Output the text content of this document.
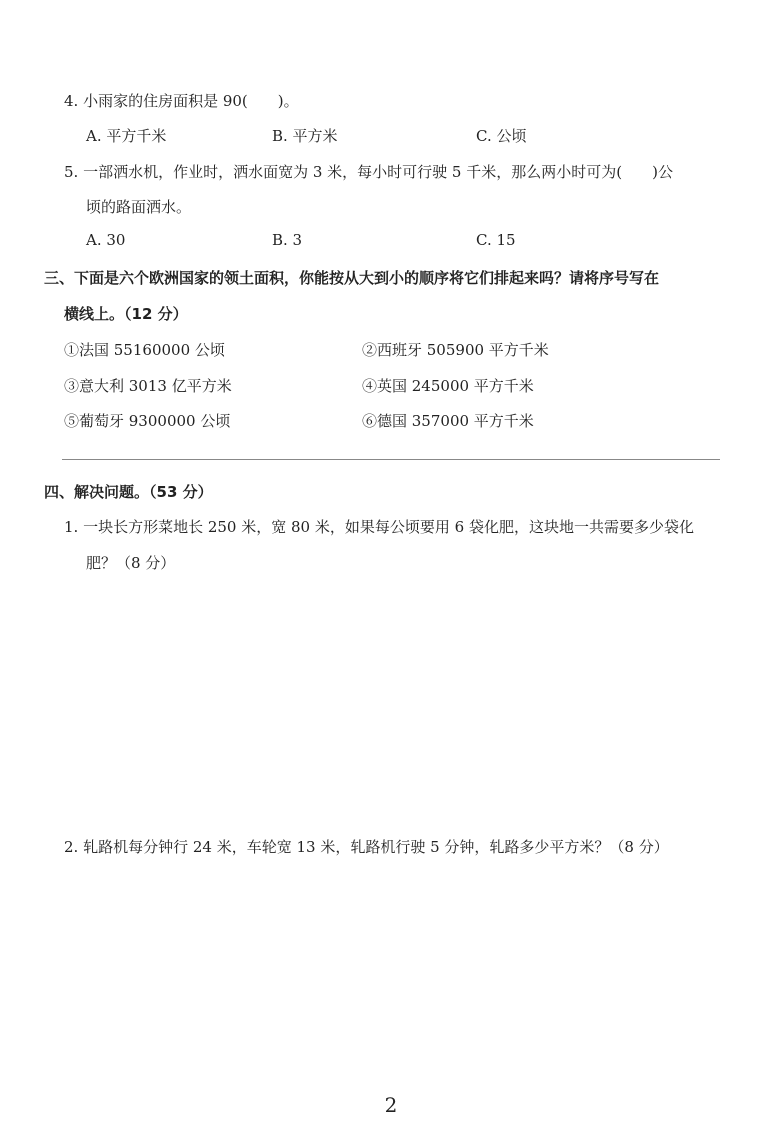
4. 小雨家的住房面积是 90(　　)。
A. 平方千米	B. 平方米	C. 公顷
5. 一部洒水机，作业时，洒水面宽为 3 米，每小时可行驶 5 千米，那么两小时可为(　　)公
顷的路面洒水。
A. 30	B. 3	C. 15
三、下面是六个欧洲国家的领土面积，你能按从大到小的顺序将它们排起来吗？请将序号写在
横线上。（12 分）
①法国 55160000 公顷	②西班牙 505900 平方千米
③意大利 3013 亿平方米	④英国 245000 平方千米
⑤葡萄牙 9300000 公顷	⑥德国 357000 平方千米
四、解决问题。（53 分）
1. 一块长方形菜地长 250 米，宽 80 米，如果每公顷要用 6 袋化肥，这块地一共需要多少袋化
肥？（8 分）
2. 轧路机每分钟行 24 米，车轮宽 13 米，轧路机行驶 5 分钟，轧路多少平方米？（8 分）
2
